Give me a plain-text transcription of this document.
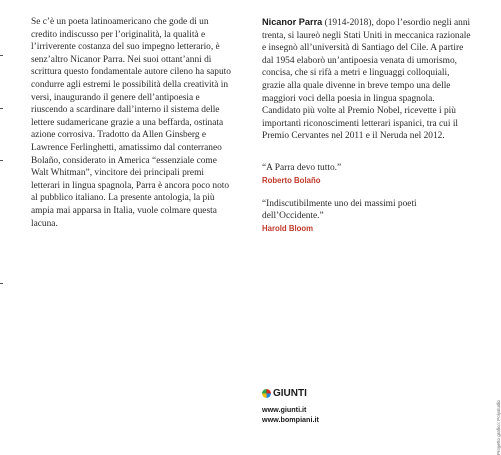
Se c’è un poeta latinoamericano che gode di un credito indiscusso per l’originalità, la qualità e l’irriverente costanza del suo impegno letterario, è senz’altro Nicanor Parra. Nei suoi ottant’anni di scrittura questo fondamentale autore cileno ha saputo condurre agli estremi le possibilità della creatività in versi, inaugurando il genere dell’antipoesia e riuscendo a scardinare dall’interno il sistema delle lettere sudamericane grazie a una beffarda, ostinata azione corrosiva. Tradotto da Allen Ginsberg e Lawrence Ferlinghetti, amatissimo dal conterraneo Bolaño, considerato in America “essenziale come Walt Whitman”, vincitore dei principali premi letterari in lingua spagnola, Parra è ancora poco noto al pubblico italiano. La presente antologia, la più ampia mai apparsa in Italia, vuole colmare questa lacuna.

Nicanor Parra (1914-2018), dopo l’esordio negli anni trenta, si laureò negli Stati Uniti in meccanica razionale e insegnò all’università di Santiago del Cile. A partire dal 1954 elaborò un’antipoesia venata di umorismo, concisa, che si rifà a metri e linguaggi colloquiali, grazie alla quale divenne in breve tempo una delle maggiori voci della poesia in lingua spagnola. Candidato più volte al Premio Nobel, ricevette i più importanti riconoscimenti letterari ispanici, tra cui il Premio Cervantes nel 2011 e il Neruda nel 2012.

“A Parra devo tutto.”

Roberto Bolaño

“Indiscutibilmente uno dei massimi poeti dell’Occidente.”

Harold Bloom
GIUNTI
www.giunti.it
www.bompiani.it	Progetto grafico: Polystudio
